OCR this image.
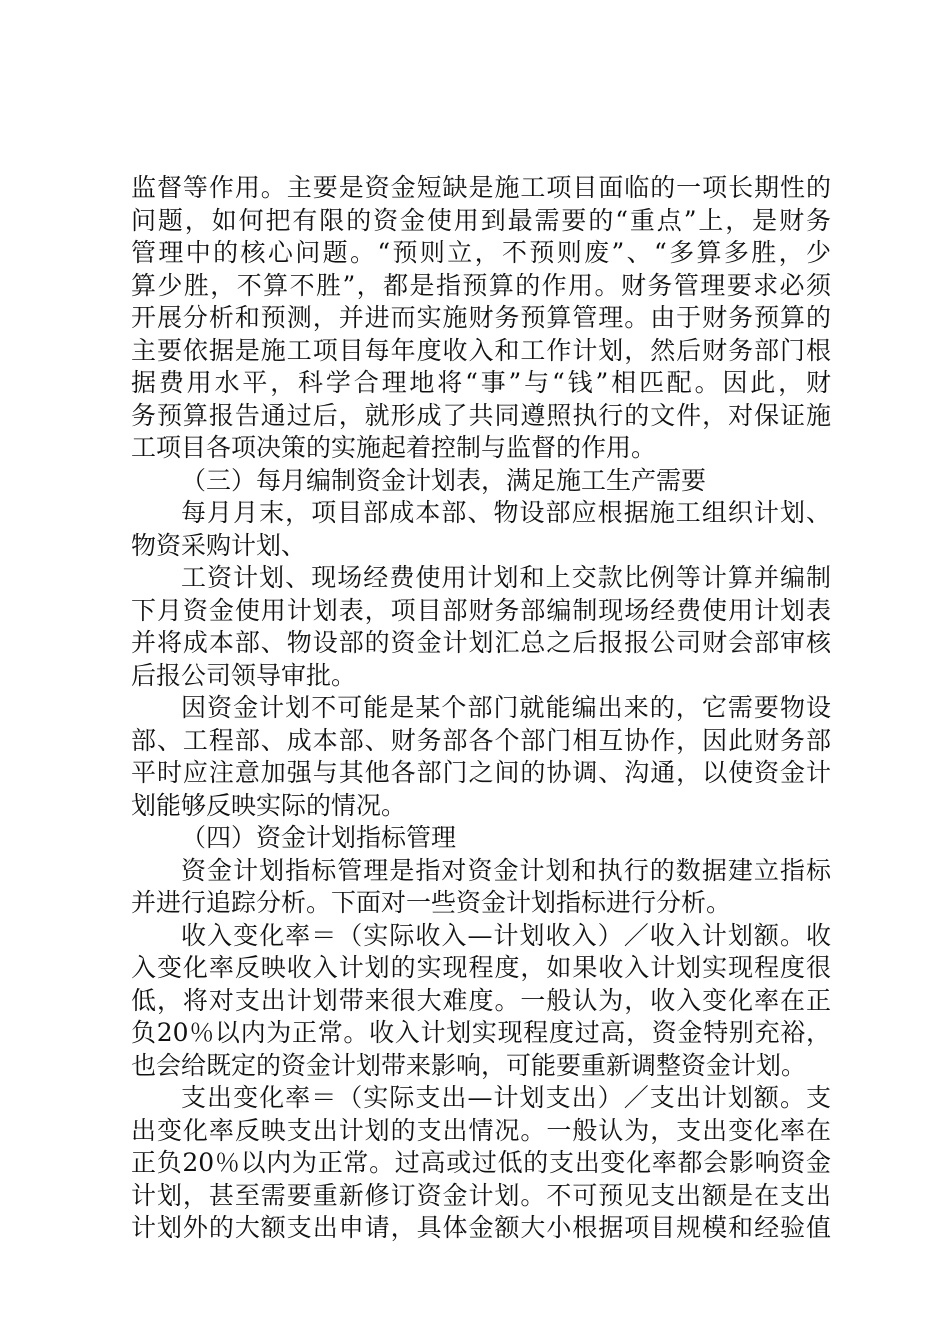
监督等作用。主要是资金短缺是施工项目面临的一项长期性的
问题，如何把有限的资金使用到最需要的“重点”上，是财务
管理中的核心问题。“预则立，不预则废”、“多算多胜，少
算少胜，不算不胜”，都是指预算的作用。财务管理要求必须
开展分析和预测，并进而实施财务预算管理。由于财务预算的
主要依据是施工项目每年度收入和工作计划，然后财务部门根
据费用水平，科学合理地将“事”与“钱”相匹配。因此，财
务预算报告通过后，就形成了共同遵照执行的文件，对保证施
工项目各项决策的实施起着控制与监督的作用。
（三）每月编制资金计划表，满足施工生产需要
每月月末，项目部成本部、物设部应根据施工组织计划、
物资采购计划、
工资计划、现场经费使用计划和上交款比例等计算并编制
下月资金使用计划表，项目部财务部编制现场经费使用计划表
并将成本部、物设部的资金计划汇总之后报报公司财会部审核
后报公司领导审批。
因资金计划不可能是某个部门就能编出来的，它需要物设
部、工程部、成本部、财务部各个部门相互协作，因此财务部
平时应注意加强与其他各部门之间的协调、沟通，以使资金计
划能够反映实际的情况。
（四）资金计划指标管理
资金计划指标管理是指对资金计划和执行的数据建立指标
并进行追踪分析。下面对一些资金计划指标进行分析。
收入变化率＝（实际收入—计划收入）／收入计划额。收
入变化率反映收入计划的实现程度，如果收入计划实现程度很
低，将对支出计划带来很大难度。一般认为，收入变化率在正
负20％以内为正常。收入计划实现程度过高，资金特别充裕，
也会给既定的资金计划带来影响，可能要重新调整资金计划。
支出变化率＝（实际支出—计划支出）／支出计划额。支
出变化率反映支出计划的支出情况。一般认为，支出变化率在
正负20％以内为正常。过高或过低的支出变化率都会影响资金
计划，甚至需要重新修订资金计划。不可预见支出额是在支出
计划外的大额支出申请，具体金额大小根据项目规模和经验值
